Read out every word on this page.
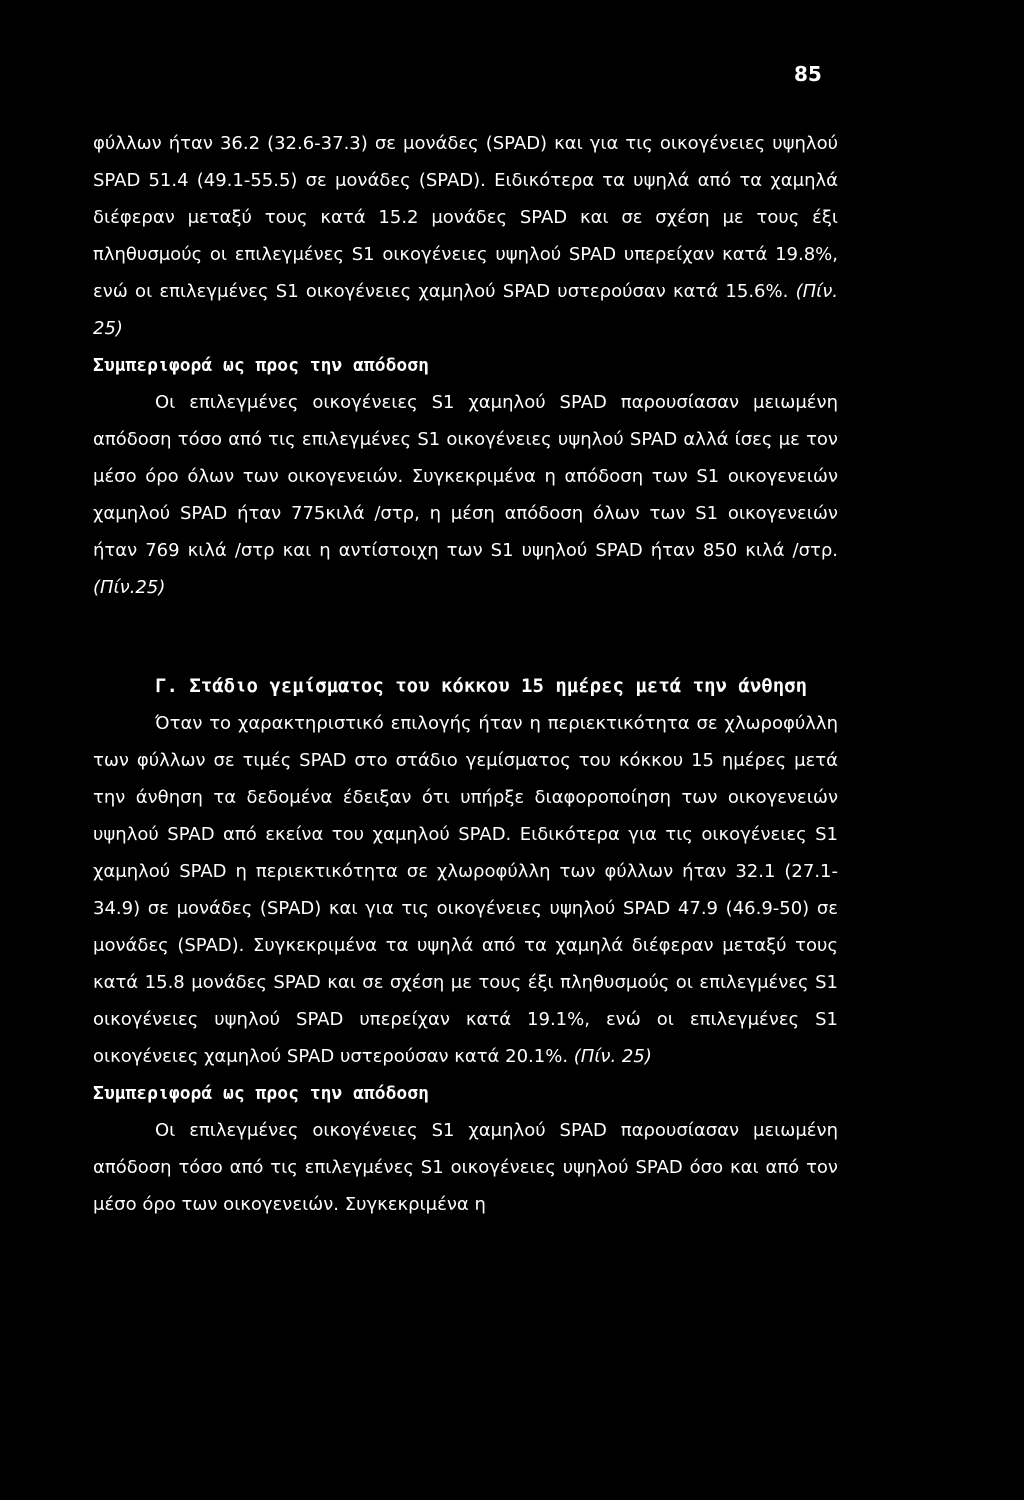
85

φύλλων ήταν 36.2 (32.6-37.3) σε μονάδες (SPAD) και για τις οικογένειες υψηλού SPAD 51.4 (49.1-55.5) σε μονάδες (SPAD). Ειδικότερα τα υψηλά από τα χαμηλά διέφεραν μεταξύ τους κατά 15.2 μονάδες SPAD και σε σχέση με τους έξι πληθυσμούς οι επιλεγμένες S1 οικογένειες υψηλού SPAD υπερείχαν κατά 19.8%, ενώ οι επιλεγμένες S1 οικογένειες χαμηλού SPAD υστερούσαν κατά 15.6%. (Πίν. 25)

Συμπεριφορά ως προς την απόδοση

Οι επιλεγμένες οικογένειες S1 χαμηλού SPAD παρουσίασαν μειωμένη απόδοση τόσο από τις επιλεγμένες S1 οικογένειες υψηλού SPAD αλλά ίσες με τον μέσο όρο όλων των οικογενειών. Συγκεκριμένα η απόδοση των S1 οικογενειών χαμηλού SPAD ήταν 775κιλά /στρ, η μέση απόδοση όλων των S1 οικογενειών ήταν 769 κιλά /στρ και η αντίστοιχη των S1 υψηλού SPAD ήταν 850 κιλά /στρ. (Πίν.25)

Γ. Στάδιο γεμίσματος του κόκκου 15 ημέρες μετά την άνθηση

Όταν το χαρακτηριστικό επιλογής ήταν η περιεκτικότητα σε χλωροφύλλη των φύλλων σε τιμές SPAD στο στάδιο γεμίσματος του κόκκου 15 ημέρες μετά την άνθηση τα δεδομένα έδειξαν ότι υπήρξε διαφοροποίηση των οικογενειών υψηλού SPAD από εκείνα του χαμηλού SPAD. Ειδικότερα για τις οικογένειες S1 χαμηλού SPAD η περιεκτικότητα σε χλωροφύλλη των φύλλων ήταν 32.1 (27.1-34.9) σε μονάδες (SPAD) και για τις οικογένειες υψηλού SPAD 47.9 (46.9-50) σε μονάδες (SPAD). Συγκεκριμένα τα υψηλά από τα χαμηλά διέφεραν μεταξύ τους κατά 15.8 μονάδες SPAD και σε σχέση με τους έξι πληθυσμούς οι επιλεγμένες S1 οικογένειες υψηλού SPAD υπερείχαν κατά 19.1%, ενώ οι επιλεγμένες S1 οικογένειες χαμηλού SPAD υστερούσαν κατά 20.1%. (Πίν. 25)

Συμπεριφορά ως προς την απόδοση

Οι επιλεγμένες οικογένειες S1 χαμηλού SPAD παρουσίασαν μειωμένη απόδοση τόσο από τις επιλεγμένες S1 οικογένειες υψηλού SPAD όσο και από τον μέσο όρο των οικογενειών. Συγκεκριμένα η
